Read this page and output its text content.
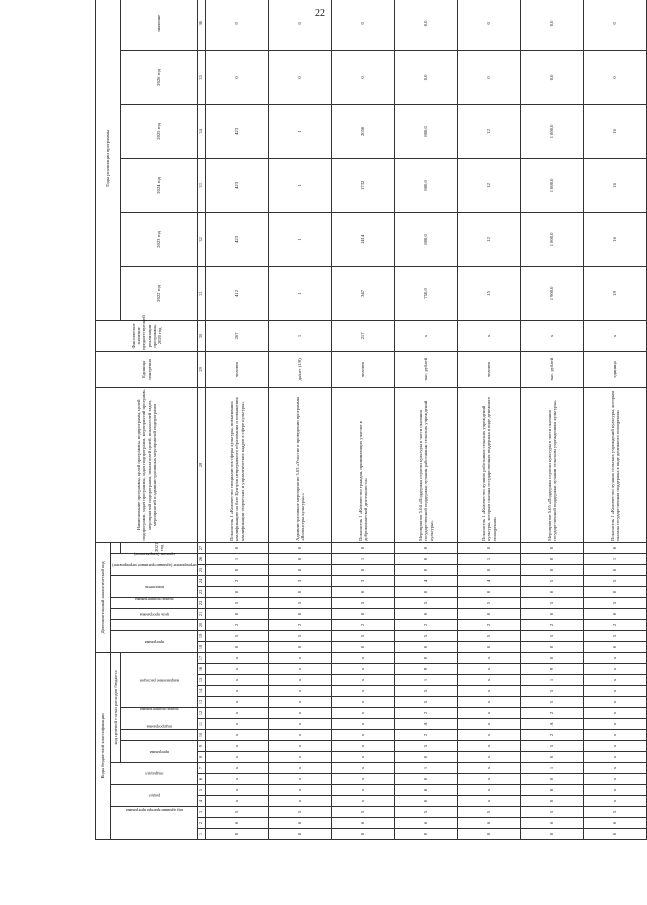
22
Коды бюджетной классификации																	Дополнительный аналитический код										Наименование программы, целей программы, подпрограмм, целей подпрограмм, задач программы, задач подпрограмм, мероприятий программ, мероприятий подпрограмм, показателей целей, показателей задач, мероприятий и административных мероприятий подпрограмм	Единица измерения	Фактическое значение предшествующей реализации программы, 2020 год	Годы реализации программы	
код администратора программы			раздел		подраздел		код целевой статьи расходов бюджета										программа		цель программы	задача подпрограммы	мероприятие (административное мероприятие)	показатель		признак (направления)												
							программа		подпрограмма	задача подпрограммы		направление расходов														2021 год				2022 год	2023 год	2024 год	2025 год	2026 год	значение	
1	2	3	4	5	6	7	8	9	10	11	12	13	14	15	16	17	18	19	20	21	22	23	24	25	26	27	28	29	30	31	32	33	34	35	36	
0	6	5	х	х	х	х	х	х	х	х	х	х	х	х	х	х	0	5	2	0	5	0	2	0	1	0	Показатель 1 «Количество специалистов сферы культуры, повысивших квалификацию на базе Центров непрерывного образования и повышения квалификации творческих и управленческих кадров в сфере культуры»	человек	267	412	423	423	423	0	0	
0	6	5	х	х	х	х	х	х	х	х	х	х	х	х	х	х	0	5	2	0	5	0	3	0	0	0	Административное мероприятие 5.03 «Участие в проведении программы «Волонтеры культуры»»	да/нет (1/0)	1	1	1	1	1	0	0	
0	6	5	х	х	х	х	х	х	х	х	х	х	х	х	х	х	0	5	2	0	5	0	3	0	1	0	Показатель 1 «Количество граждан, принимающих участие в добровольческой деятельности»	человек	217	347	1414	1732	2050	0	0	
0	6	5	0	8	0	1	0	5	2	А	2	5	5	1	9	0	0	5	2	0	5	0	4	0	0	0	Мероприятие 5.04 «Поддержка отрасли культуры в части оказания государственной поддержки лучшим работникам сельских учреждений культуры»	тыс. рублей	х	750,0	800,0	800,0	800,0	0,0	0,0	
0	6	5	х	х	х	х	х	х	х	х	х	х	х	х	х	х	0	5	2	0	5	0	4	0	1	0	Показатель 1 «Количество лучших работников сельских учреждений культуры, которым оказана государственная поддержка в виде денежного поощрения»	человек	х	15	12	12	12	0	0	
0	6	5	0	8	0	1	0	5	2	А	2	5	5	1	9	0	0	5	2	0	5	0	5	0	0	0	Мероприятие 5.05 «Поддержка отрасли культуры в части оказания государственной поддержки лучшим сельским учреждениям культуры»	тыс. рублей	х	1 900,0	1 800,0	1 800,0	1 800,0	0,0	0,0	
0	6	5	х	х	х	х	х	х	х	х	х	х	х	х	х	х	0	5	2	0	5	0	5	0	1	0	Показатель 1 «Количество лучших сельских учреждений культуры, которым оказана государственная поддержка в виде денежного поощрения»	единица	х	19	16	16	16	0	0	
